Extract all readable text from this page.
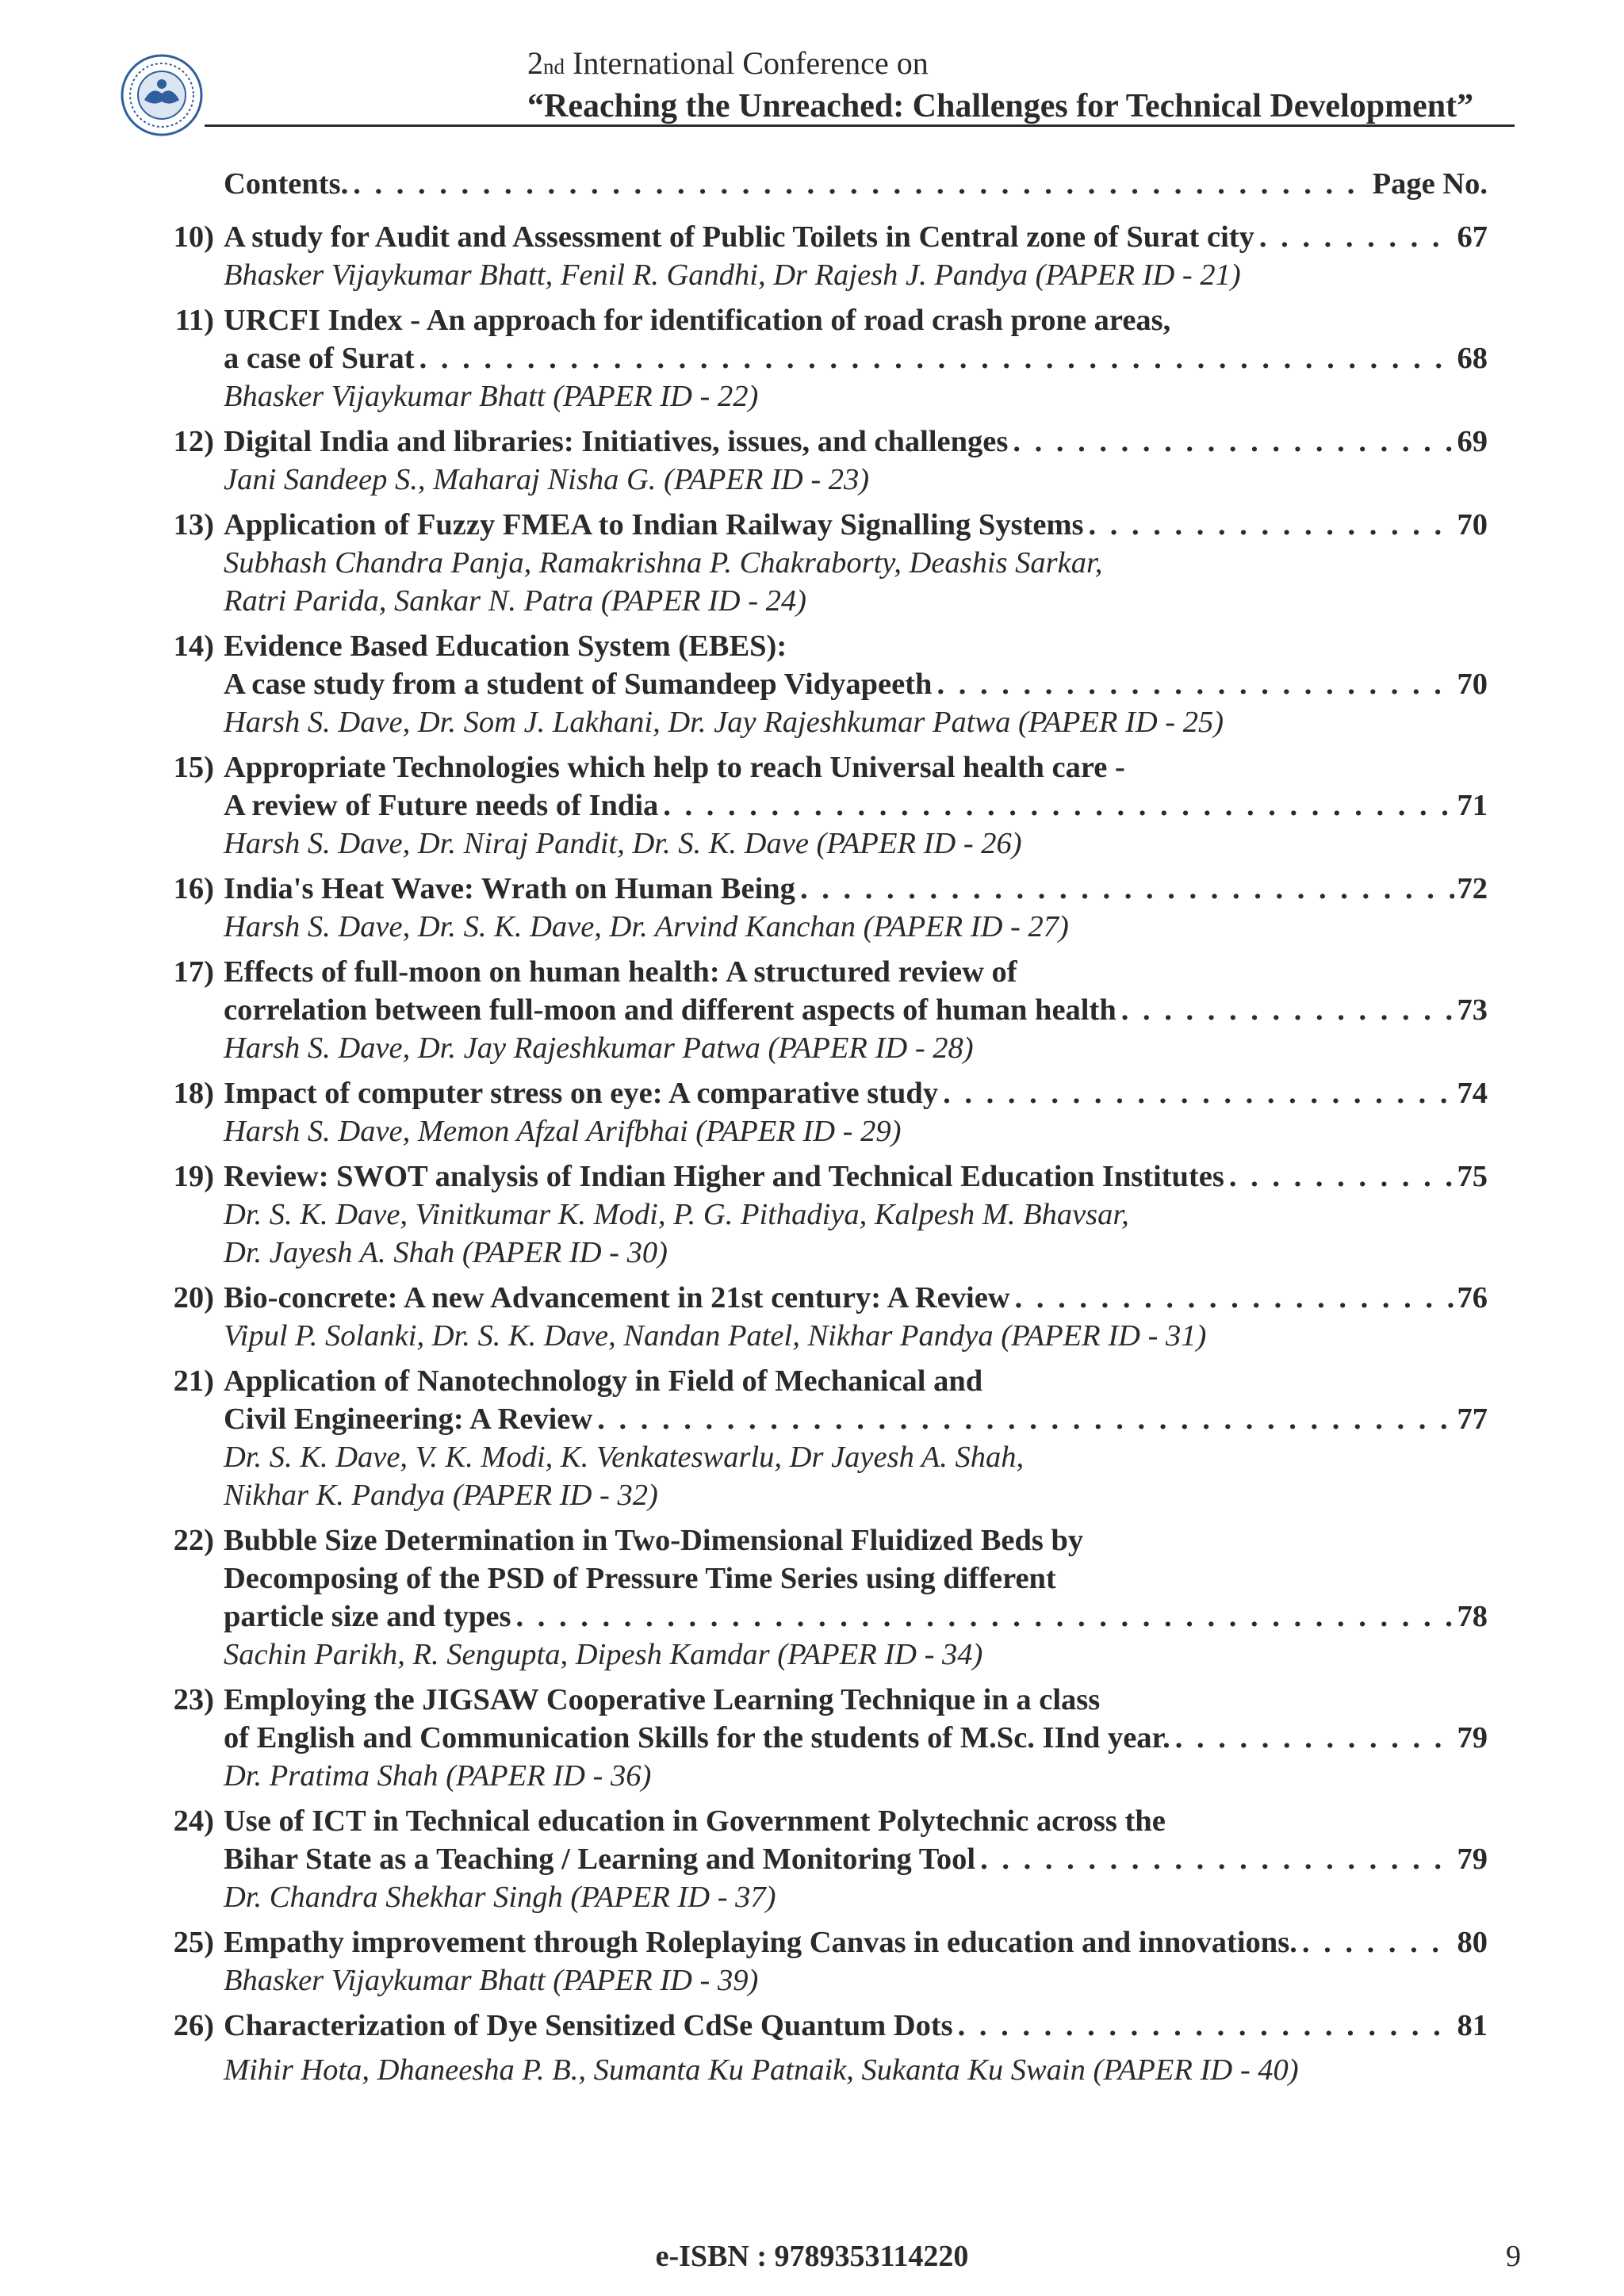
2nd International Conference on
“Reaching the Unreached: Challenges for Technical Development”
Contents. . . .	Page No.
10) A study for Audit and Assessment of Public Toilets in Central zone of Surat city . . .	67
Bhasker Vijaykumar Bhatt, Fenil R. Gandhi, Dr Rajesh J. Pandya (PAPER ID - 21)
11) URCFI Index - An approach for identification of road crash prone areas,
a case of Surat . . .	68
Bhasker Vijaykumar Bhatt (PAPER ID - 22)
12) Digital India and libraries: Initiatives, issues, and challenges . . .	69
Jani Sandeep S., Maharaj Nisha G. (PAPER ID - 23)
13) Application of Fuzzy FMEA to Indian Railway Signalling Systems . . .	70
Subhash Chandra Panja, Ramakrishna P. Chakraborty, Deashis Sarkar,
Ratri Parida, Sankar N. Patra (PAPER ID - 24)
14) Evidence Based Education System (EBES):
A case study from a student of Sumandeep Vidyapeeth . . .	70
Harsh S. Dave, Dr. Som J. Lakhani, Dr. Jay Rajeshkumar Patwa (PAPER ID - 25)
15) Appropriate Technologies which help to reach Universal health care -
A review of Future needs of India . . .	71
Harsh S. Dave, Dr. Niraj Pandit, Dr. S. K. Dave (PAPER ID - 26)
16) India's Heat Wave: Wrath on Human Being . . .	72
Harsh S. Dave, Dr. S. K. Dave, Dr. Arvind Kanchan (PAPER ID - 27)
17) Effects of full-moon on human health: A structured review of
correlation between full-moon and different aspects of human health . . .	73
Harsh S. Dave, Dr. Jay Rajeshkumar Patwa (PAPER ID - 28)
18) Impact of computer stress on eye: A comparative study . . .	74
Harsh S. Dave, Memon Afzal Arifbhai (PAPER ID - 29)
19) Review: SWOT analysis of Indian Higher and Technical Education Institutes . . .	75
Dr. S. K. Dave, Vinitkumar K. Modi, P. G. Pithadiya, Kalpesh M. Bhavsar,
Dr. Jayesh A. Shah (PAPER ID - 30)
20) Bio-concrete: A new Advancement in 21st century: A Review . . .	76
Vipul P. Solanki, Dr. S. K. Dave, Nandan Patel, Nikhar Pandya (PAPER ID - 31)
21) Application of Nanotechnology in Field of Mechanical and
Civil Engineering: A Review . . .	77
Dr. S. K. Dave, V. K. Modi, K. Venkateswarlu, Dr Jayesh A. Shah,
Nikhar K. Pandya (PAPER ID - 32)
22) Bubble Size Determination in Two-Dimensional Fluidized Beds by
Decomposing of the PSD of Pressure Time Series using different
particle size and types . . .	78
Sachin Parikh, R. Sengupta, Dipesh Kamdar (PAPER ID - 34)
23) Employing the JIGSAW Cooperative Learning Technique in a class
of English and Communication Skills for the students of M.Sc. IInd year. . . .	79
Dr. Pratima Shah (PAPER ID - 36)
24) Use of ICT in Technical education in Government Polytechnic across the
Bihar State as a Teaching / Learning and Monitoring Tool . . .	79
Dr. Chandra Shekhar Singh (PAPER ID - 37)
25) Empathy improvement through Roleplaying Canvas in education and innovations. . . .	80
Bhasker Vijaykumar Bhatt (PAPER ID - 39)
26) Characterization of Dye Sensitized CdSe Quantum Dots . . .	81
Mihir Hota, Dhaneesha P. B., Sumanta Ku Patnaik, Sukanta Ku Swain (PAPER ID - 40)
e-ISBN : 9789353114220	9
